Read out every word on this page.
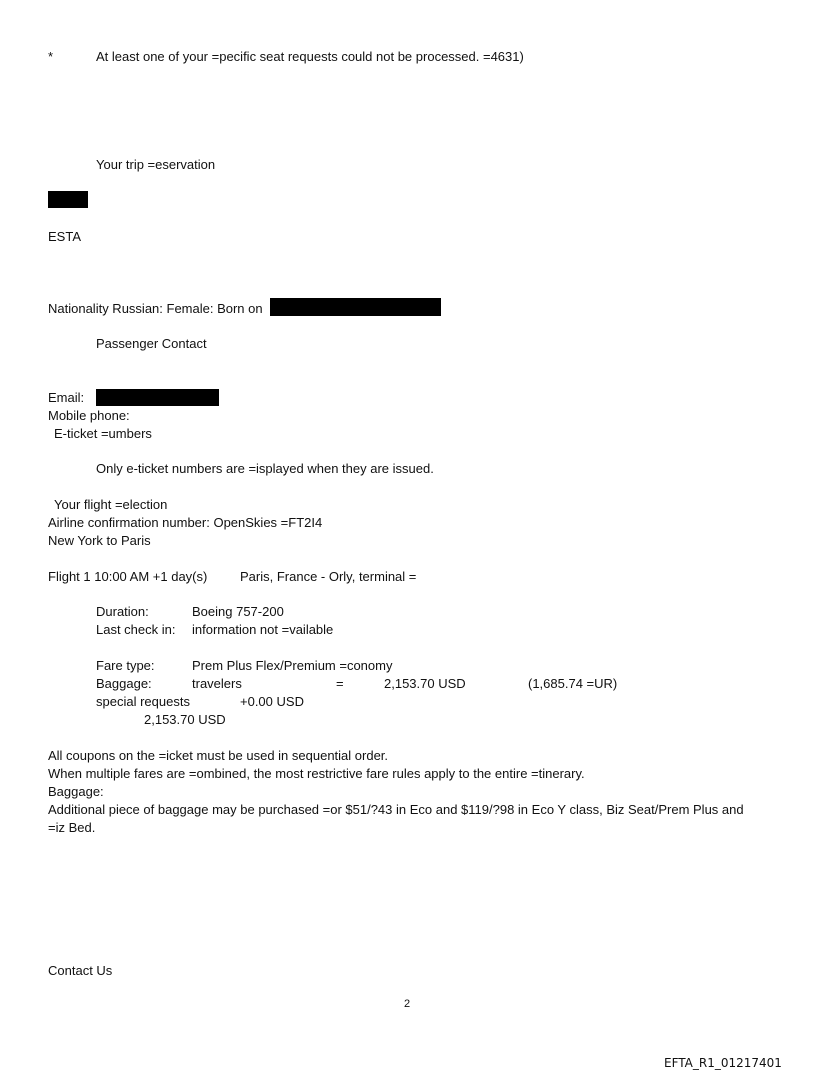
*	At least one of your =pecific seat requests could not be processed. =4631)
Your trip =eservation
ESTA
Nationality Russian: Female: Born on
Passenger Contact
Email:
Mobile phone:
E-ticket =umbers
Only e-ticket numbers are =isplayed when they are issued.
Your flight =election
Airline confirmation number: OpenSkies =FT2I4
New York to Paris
Flight 1 10:00 AM +1 day(s)	Paris, France - Orly, terminal =
Duration:	Boeing 757-200
Last check in: information not =vailable
Fare type:	Prem Plus Flex/Premium =conomy
Baggage:	travelers	=	2,153.70 USD	(1,685.74 =UR)
special requests	+0.00 USD
2,153.70 USD
All coupons on the =icket must be used in sequential order.
When multiple fares are =ombined, the most restrictive fare rules apply to the entire =tinerary.
Baggage:
Additional piece of baggage may be purchased =or $51/?43 in Eco and $119/?98 in Eco Y class, Biz Seat/Prem Plus and
=iz Bed.
Contact Us
2
EFTA_R1_01217401
